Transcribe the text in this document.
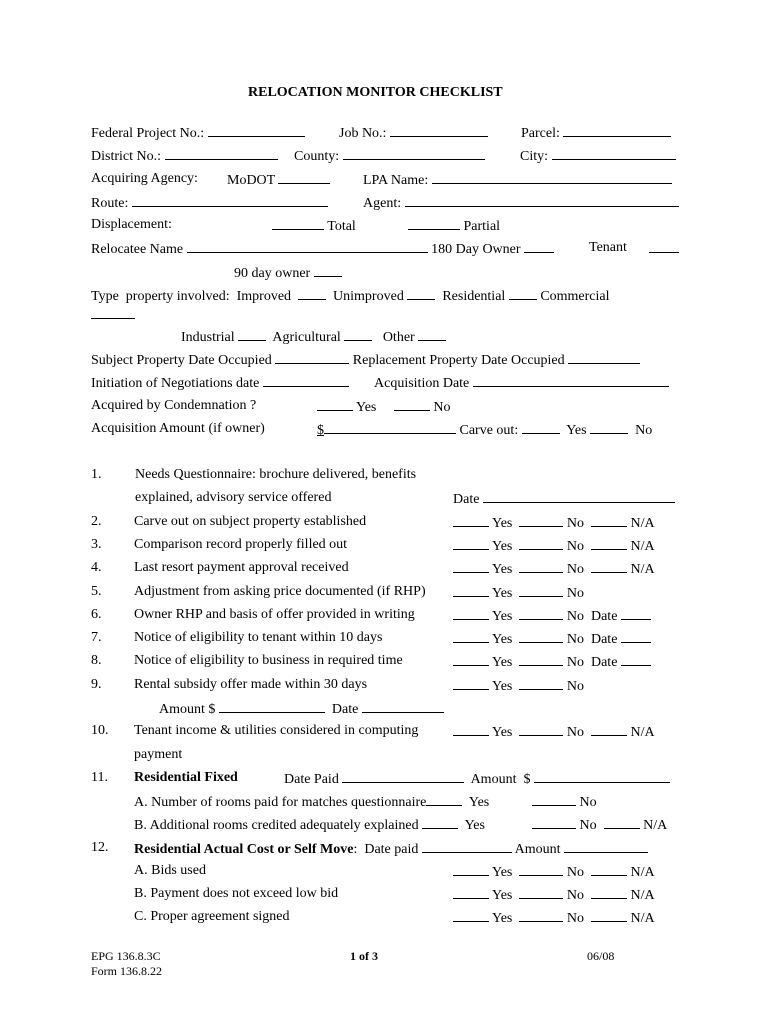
RELOCATION MONITOR CHECKLIST
Federal Project No.:	Job No.:	Parcel:
District No.:	County:	City:
Acquiring Agency: MoDOT	LPA Name:
Route:	Agent:
Displacement:	Total	Partial
Relocatee Name	180 Day Owner	Tenant
90 day owner
Type  property involved: Improved	Unimproved	Residential	Commercial
Industrial	Agricultural	Other
Subject Property Date Occupied	Replacement Property Date Occupied
Initiation of Negotiations date	Acquisition Date
Acquired by Condemnation ?	Yes	No
Acquisition Amount (if owner)	$	Carve out:	Yes	No
1. Needs Questionnaire: brochure delivered, benefits
explained, advisory service offered	Date
2. Carve out on subject property established	Yes	No	N/A
3. Comparison record properly filled out	Yes	No	N/A
4. Last resort payment approval received	Yes	No	N/A
5. Adjustment from asking price documented (if RHP)	Yes	No
6. Owner RHP and basis of offer provided in writing	Yes	No Date
7. Notice of eligibility to tenant within 10 days	Yes	No Date
8. Notice of eligibility to business in required time	Yes	No Date
9. Rental subsidy offer made within 30 days	Yes	No
Amount $	Date
10. Tenant income & utilities considered in computing	Yes	No	N/A
payment
11. Residential Fixed	Date Paid	Amount $
A. Number of rooms paid for matches questionnaire	Yes	No
B. Additional rooms credited adequately explained	Yes	No	N/A
12. Residential Actual Cost or Self Move:  Date paid	Amount
A. Bids used	Yes	No	N/A
B. Payment does not exceed low bid	Yes	No	N/A
C. Proper agreement signed	Yes	No	N/A
EPG 136.8.3C
Form 136.8.22
1 of 3	06/08
